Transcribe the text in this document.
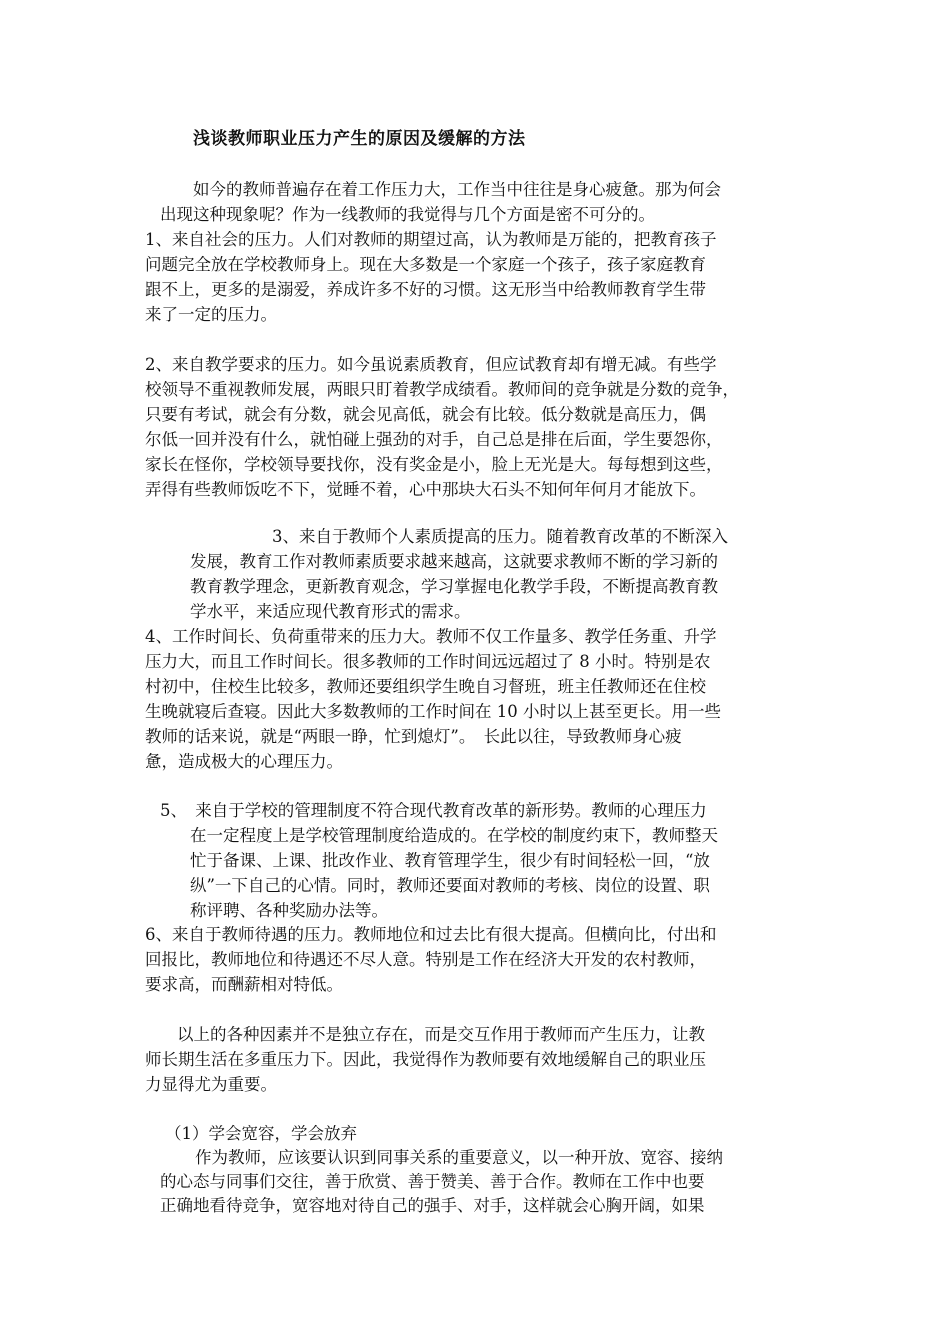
浅谈教师职业压力产生的原因及缓解的方法
如今的教师普遍存在着工作压力大，工作当中往往是身心疲惫。那为何会
出现这种现象呢？作为一线教师的我觉得与几个方面是密不可分的。
1、来自社会的压力。人们对教师的期望过高，认为教师是万能的，把教育孩子
问题完全放在学校教师身上。现在大多数是一个家庭一个孩子，孩子家庭教育
跟不上，更多的是溺爱，养成许多不好的习惯。这无形当中给教师教育学生带
来了一定的压力。
2、来自教学要求的压力。如今虽说素质教育，但应试教育却有增无减。有些学
校领导不重视教师发展，两眼只盯着教学成绩看。教师间的竞争就是分数的竞争，
只要有考试，就会有分数，就会见高低，就会有比较。低分数就是高压力，偶
尔低一回并没有什么，就怕碰上强劲的对手，自己总是排在后面，学生要怨你，
家长在怪你，学校领导要找你，没有奖金是小，脸上无光是大。每每想到这些，
弄得有些教师饭吃不下，觉睡不着，心中那块大石头不知何年何月才能放下。
3、来自于教师个人素质提高的压力。随着教育改革的不断深入
发展，教育工作对教师素质要求越来越高，这就要求教师不断的学习新的
教育教学理念，更新教育观念，学习掌握电化教学手段，不断提高教育教
学水平，来适应现代教育形式的需求。
4、工作时间长、负荷重带来的压力大。教师不仅工作量多、教学任务重、升学
压力大，而且工作时间长。很多教师的工作时间远远超过了 8 小时。特别是农
村初中，住校生比较多，教师还要组织学生晚自习督班，班主任教师还在住校
生晚就寝后查寝。因此大多数教师的工作时间在 10 小时以上甚至更长。用一些
教师的话来说，就是“两眼一睁，忙到熄灯”。　长此以往，导致教师身心疲
惫，造成极大的心理压力。
5、　来自于学校的管理制度不符合现代教育改革的新形势。教师的心理压力
在一定程度上是学校管理制度给造成的。在学校的制度约束下，教师整天
忙于备课、上课、批改作业、教育管理学生，很少有时间轻松一回，“放
纵”一下自己的心情。同时，教师还要面对教师的考核、岗位的设置、职
称评聘、各种奖励办法等。
6、来自于教师待遇的压力。教师地位和过去比有很大提高。但横向比，付出和
回报比，教师地位和待遇还不尽人意。特别是工作在经济大开发的农村教师，
要求高，而酬薪相对特低。
以上的各种因素并不是独立存在，而是交互作用于教师而产生压力，让教
师长期生活在多重压力下。因此，我觉得作为教师要有效地缓解自己的职业压
力显得尤为重要。
（1）学会宽容，学会放弃
作为教师，应该要认识到同事关系的重要意义，以一种开放、宽容、接纳
的心态与同事们交往，善于欣赏、善于赞美、善于合作。教师在工作中也要
正确地看待竞争，宽容地对待自己的强手、对手，这样就会心胸开阔，如果
